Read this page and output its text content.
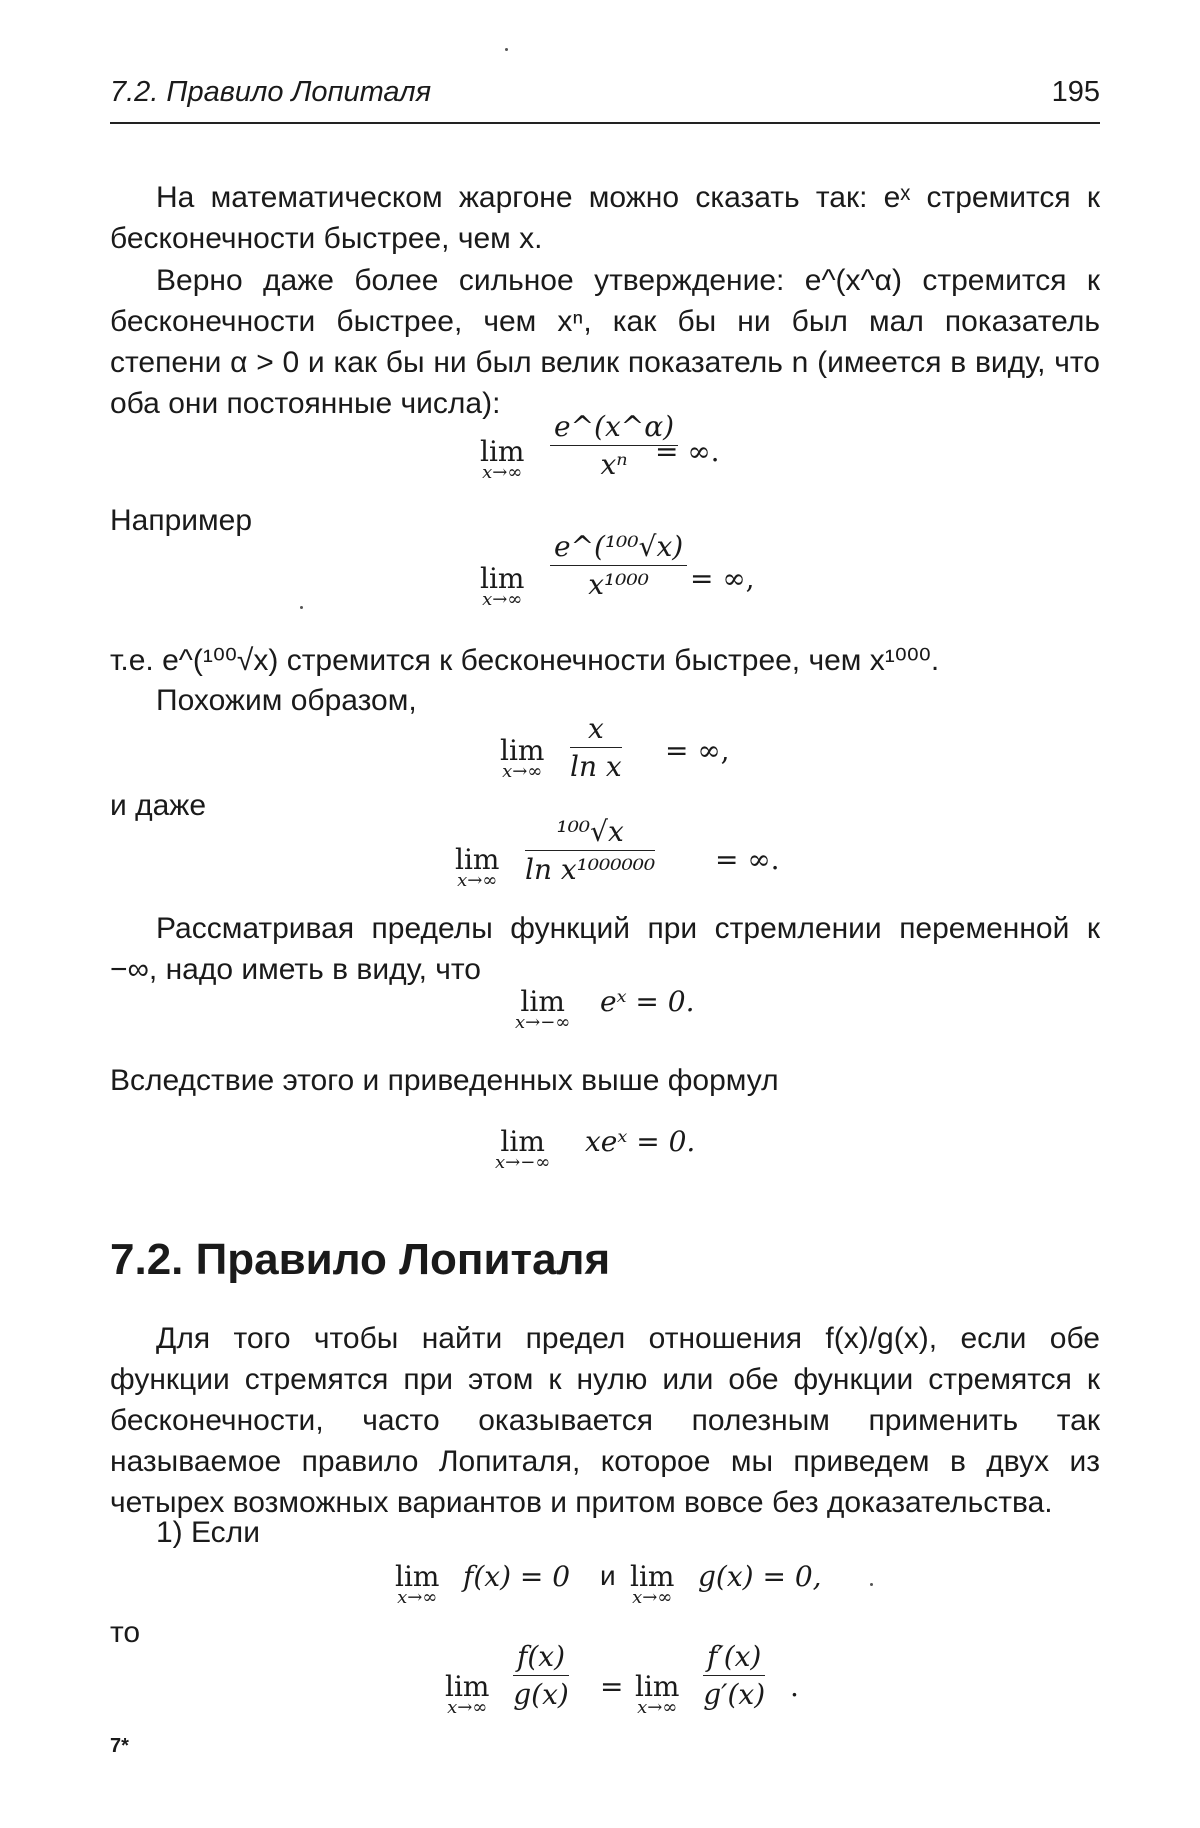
7.2. Правило Лопиталя	195

На математическом жаргоне можно сказать так: eˣ стремится к бесконечности быстрее, чем x.

Верно даже более сильное утверждение: e^(x^α) стремится к бесконечности быстрее, чем xⁿ, как бы ни был мал показатель степени α > 0 и как бы ни был велик показатель n (имеется в виду, что оба они постоянные числа):

lim
x→∞
e^(x^α)
xⁿ = ∞.
Например
lim
x→∞
e^(¹⁰⁰√x)
x¹⁰⁰⁰	= ∞,
т.е. e^(¹⁰⁰√x) стремится к бесконечности быстрее, чем x¹⁰⁰⁰.
Похожим образом,
lim
x→∞
x
ln x = ∞,
и даже
lim
x→∞
¹⁰⁰√x
ln x¹⁰⁰⁰⁰⁰⁰ = ∞.

Рассматривая пределы функций при стремлении переменной к −∞, надо иметь в виду, что

lim
x→−∞
eˣ = 0.
Вследствие этого и приведенных выше формул
lim
x→−∞
xeˣ = 0.
7.2. Правило Лопиталя

Для того чтобы найти предел отношения f(x)/g(x), если обе функции стремятся при этом к нулю или обе функции стремятся к бесконечности, часто оказывается полезным применить так называемое правило Лопиталя, которое мы приведем в двух из четырех возможных вариантов и притом вовсе без доказательства.

1) Если
lim
x→∞
f(x) = 0 и lim
x→∞
g(x) = 0,
то
lim
x→∞
f(x)
g(x) = lim
x→∞
f′(x)
g′(x) .
7*
